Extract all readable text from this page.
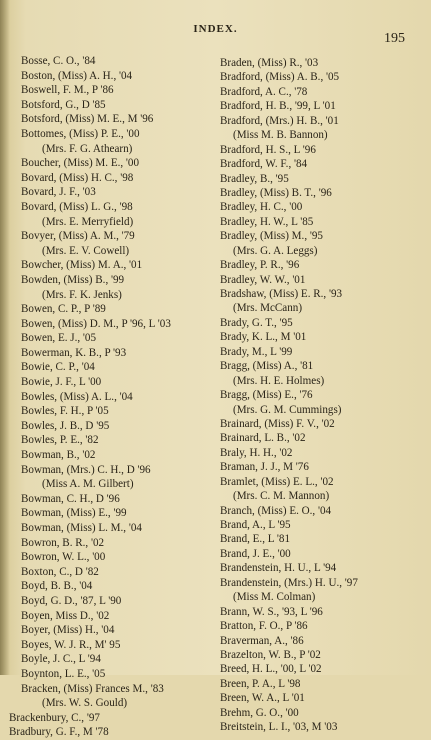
INDEX.
195
Bosse, C. O., '84
Boston, (Miss) A. H., '04
Boswell, F. M., P '86
Botsford, G., D '85
Botsford, (Miss) M. E., M '96
Bottomes, (Miss) P. E., '00
(Mrs. F. G. Athearn)
Boucher, (Miss) M. E., '00
Bovard, (Miss) H. C., '98
Bovard, J. F., '03
Bovard, (Miss) L. G., '98
(Mrs. E. Merryfield)
Bovyer, (Miss) A. M., '79
(Mrs. E. V. Cowell)
Bowcher, (Miss) M. A., '01
Bowden, (Miss) B., '99
(Mrs. F. K. Jenks)
Bowen, C. P., P '89
Bowen, (Miss) D. M., P '96, L '03
Bowen, E. J., '05
Bowerman, K. B., P '93
Bowie, C. P., '04
Bowie, J. F., L '00
Bowles, (Miss) A. L., '04
Bowles, F. H., P '05
Bowles, J. B., D '95
Bowles, P. E., '82
Bowman, B., '02
Bowman, (Mrs.) C. H., D '96
(Miss A. M. Gilbert)
Bowman, C. H., D '96
Bowman, (Miss) E., '99
Bowman, (Miss) L. M., '04
Bowron, B. R., '02
Bowron, W. L., '00
Boxton, C., D '82
Boyd, B. B., '04
Boyd, G. D., '87, L '90
Boyen, Miss D., '02
Boyer, (Miss) H., '04
Boyes, W. J. R., M' 95
Boyle, J. C., L '94
Boynton, L. E., '05
Bracken, (Miss) Frances M., '83
(Mrs. W. S. Gould)
Brackenbury, C., '97
Bradbury, G. F., M '78
Braden, (Miss) R., '03
Bradford, (Miss) A. B., '05
Bradford, A. C., '78
Bradford, H. B., '99, L '01
Bradford, (Mrs.) H. B., '01
(Miss M. B. Bannon)
Bradford, H. S., L '96
Bradford, W. F., '84
Bradley, B., '95
Bradley, (Miss) B. T., '96
Bradley, H. C., '00
Bradley, H. W., L '85
Bradley, (Miss) M., '95
(Mrs. G. A. Leggs)
Bradley, P. R., '96
Bradley, W. W., '01
Bradshaw, (Miss) E. R., '93
(Mrs. McCann)
Brady, G. T., '95
Brady, K. L., M '01
Brady, M., L '99
Bragg, (Miss) A., '81
(Mrs. H. E. Holmes)
Bragg, (Miss) E., '76
(Mrs. G. M. Cummings)
Brainard, (Miss) F. V., '02
Brainard, L. B., '02
Braly, H. H., '02
Braman, J. J., M '76
Bramlet, (Miss) E. L., '02
(Mrs. C. M. Mannon)
Branch, (Miss) E. O., '04
Brand, A., L '95
Brand, E., L '81
Brand, J. E., '00
Brandenstein, H. U., L '94
Brandenstein, (Mrs.) H. U., '97
(Miss M. Colman)
Brann, W. S., '93, L '96
Bratton, F. O., P '86
Braverman, A., '86
Brazelton, W. B., P '02
Breed, H. L., '00, L '02
Breen, P. A., L '98
Breen, W. A., L '01
Brehm, G. O., '00
Breitstein, L. I., '03, M '03
